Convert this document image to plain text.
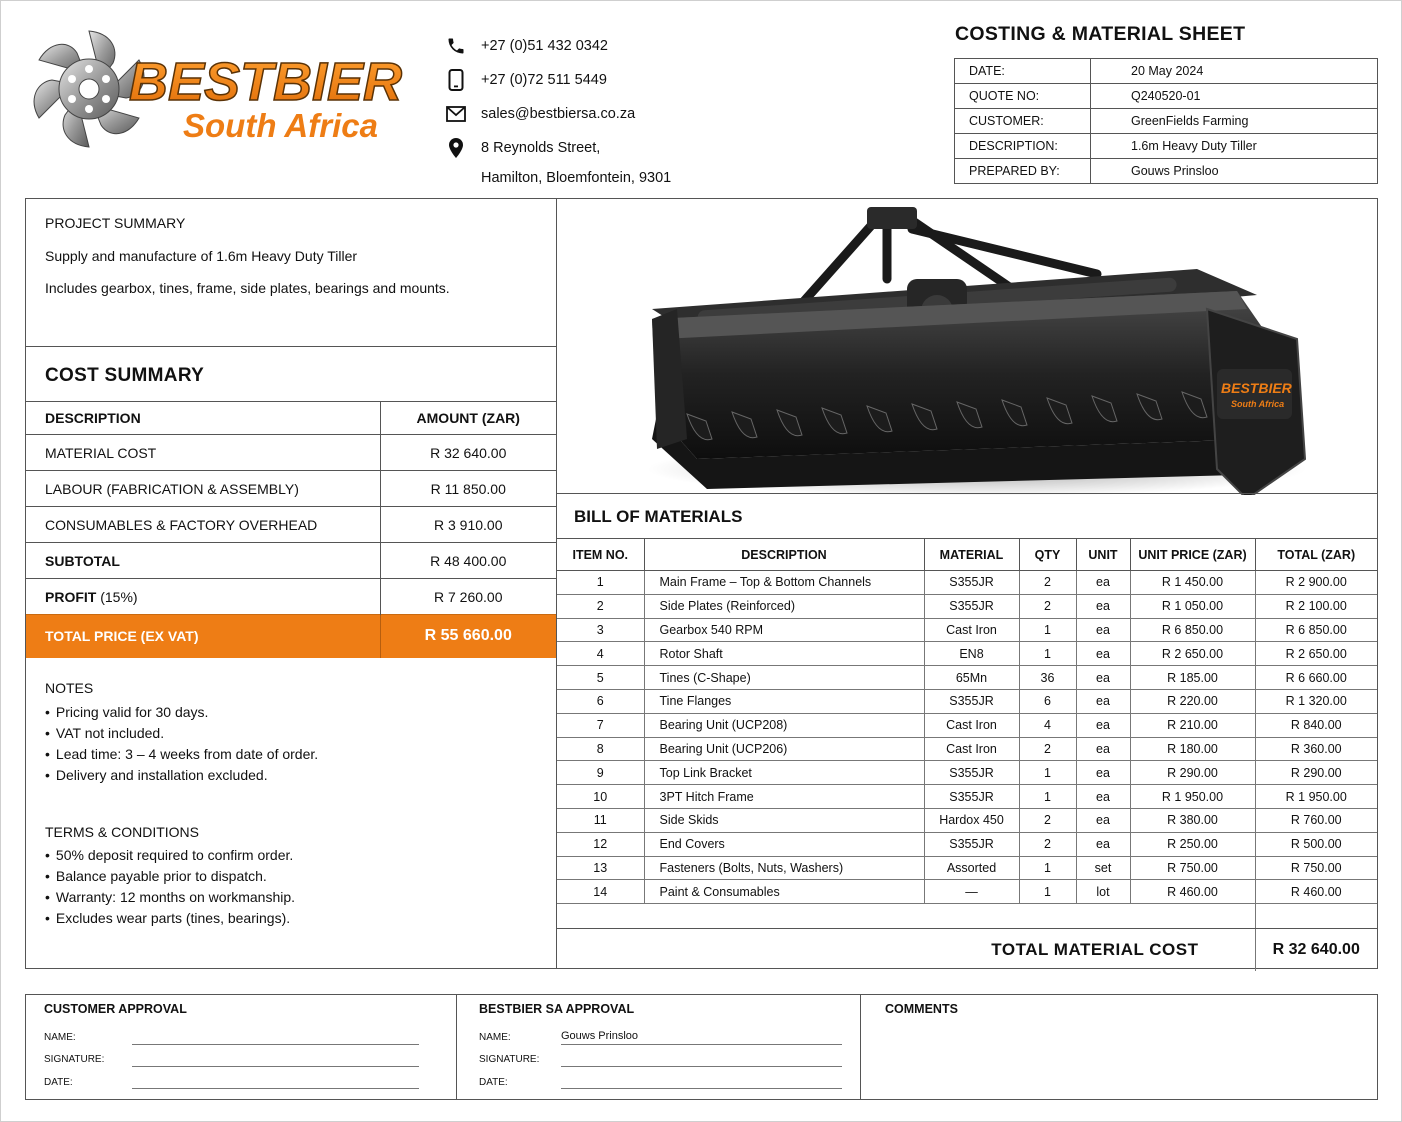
BESTBIER
South Africa
+27 (0)51 432 0342
+27 (0)72 511 5449
sales@bestbiersa.co.za
8 Reynolds Street,
Hamilton, Bloemfontein, 9301
COSTING & MATERIAL SHEET
DATE:	20 May 2024
QUOTE NO:	Q240520-01
CUSTOMER:	GreenFields Farming
DESCRIPTION:	1.6m Heavy Duty Tiller
PREPARED BY:	Gouws Prinsloo
PROJECT SUMMARY
Supply and manufacture of 1.6m Heavy Duty Tiller
Includes gearbox, tines, frame, side plates, bearings and mounts.
COST SUMMARY
DESCRIPTION	AMOUNT (ZAR)
MATERIAL COST	R 32 640.00
LABOUR (FABRICATION & ASSEMBLY)	R 11 850.00
CONSUMABLES & FACTORY OVERHEAD	R 3 910.00
SUBTOTAL	R 48 400.00
PROFIT (15%)	R 7 260.00
TOTAL PRICE (EX VAT)	R 55 660.00
NOTES
• Pricing valid for 30 days.
• VAT not included.
• Lead time: 3 – 4 weeks from date of order.
• Delivery and installation excluded.
TERMS & CONDITIONS
• 50% deposit required to confirm order.
• Balance payable prior to dispatch.
• Warranty: 12 months on workmanship.
• Excludes wear parts (tines, bearings).
BESTBIER
South Africa
BILL OF MATERIALS
ITEM NO.	DESCRIPTION	MATERIAL	QTY	UNIT	UNIT PRICE (ZAR)	TOTAL (ZAR)
1	Main Frame – Top & Bottom Channels	S355JR	2	ea	R 1 450.00	R 2 900.00
2	Side Plates (Reinforced)	S355JR	2	ea	R 1 050.00	R 2 100.00
3	Gearbox 540 RPM	Cast Iron	1	ea	R 6 850.00	R 6 850.00
4	Rotor Shaft	EN8	1	ea	R 2 650.00	R 2 650.00
5	Tines (C-Shape)	65Mn	36	ea	R 185.00	R 6 660.00
6	Tine Flanges	S355JR	6	ea	R 220.00	R 1 320.00
7	Bearing Unit (UCP208)	Cast Iron	4	ea	R 210.00	R 840.00
8	Bearing Unit (UCP206)	Cast Iron	2	ea	R 180.00	R 360.00
9	Top Link Bracket	S355JR	1	ea	R 290.00	R 290.00
10	3PT Hitch Frame	S355JR	1	ea	R 1 950.00	R 1 950.00
11	Side Skids	Hardox 450	2	ea	R 380.00	R 760.00
12	End Covers	S355JR	2	ea	R 250.00	R 500.00
13	Fasteners (Bolts, Nuts, Washers)	Assorted	1	set	R 750.00	R 750.00
14	Paint & Consumables	—	1	lot	R 460.00	R 460.00

TOTAL MATERIAL COST						R 32 640.00
CUSTOMER APPROVAL
NAME:
SIGNATURE:
DATE:
BESTBIER SA APPROVAL
NAME:	Gouws Prinsloo
SIGNATURE:
DATE:
COMMENTS
